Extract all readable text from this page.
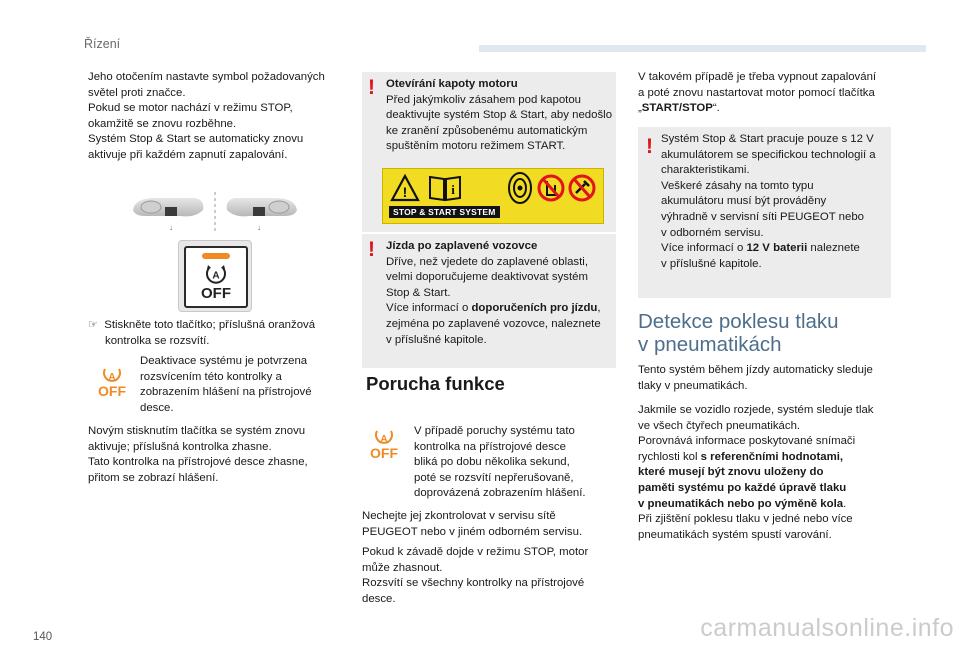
Řízení

Jeho otočením nastavte symbol požadovaných

světel proti značce.

Pokud se motor nachází v režimu STOP,

okamžitě se znovu rozběhne.

Systém Stop & Start se automaticky znovu

aktivuje při každém zapnutí zapalování.

↓	↓
A
OFF

☞ Stiskněte toto tlačítko; příslušná oranžová

kontrolka se rozsvítí.

A
OFF

Deaktivace systému je potvrzena

rozsvícením této kontrolky a

zobrazením hlášení na přístrojové

desce.

Novým stisknutím tlačítka se systém znovu

aktivuje; příslušná kontrolka zhasne.

Tato kontrolka na přístrojové desce zhasne,

přitom se zobrazí hlášení.

! Otevírání kapoty motoru

Před jakýmkoliv zásahem pod kapotou

deaktivujte systém Stop & Start, aby nedošlo

ke zranění způsobenému automatickým

spuštěním motoru režimem START.

!	i
STOP & START SYSTEM
! Jízda po zaplavené vozovce

Dříve, než vjedete do zaplavené oblasti,

velmi doporučujeme deaktivovat systém

Stop & Start.

Více informací o doporučeních pro jízdu,

zejména po zaplavené vozovce, naleznete

v příslušné kapitole.

Porucha funkce
A
OFF

V případě poruchy systému tato

kontrolka na přístrojové desce

bliká po dobu několika sekund,

poté se rozsvítí nepřerušovaně,

doprovázená zobrazením hlášení.

Nechejte jej zkontrolovat v servisu sítě

PEUGEOT nebo v jiném odborném servisu.

Pokud k závadě dojde v režimu STOP, motor

může zhasnout.

Rozsvítí se všechny kontrolky na přístrojové

desce.

V takovém případě je třeba vypnout zapalování

a poté znovu nastartovat motor pomocí tlačítka

„START/STOP“.

! Systém Stop & Start pracuje pouze s 12 V

akumulátorem se specifickou technologií a

charakteristikami.

Veškeré zásahy na tomto typu

akumulátoru musí být prováděny

výhradně v servisní síti PEUGEOT nebo

v odborném servisu.

Více informací o 12 V baterii naleznete

v příslušné kapitole.

Detekce poklesu tlaku
v pneumatikách

Tento systém během jízdy automaticky sleduje

tlaky v pneumatikách.

Jakmile se vozidlo rozjede, systém sleduje tlak

ve všech čtyřech pneumatikách.

Porovnává informace poskytované snímači

rychlosti kol s referenčními hodnotami,

které musejí být znovu uloženy do

paměti systému po každé úpravě tlaku

v pneumatikách nebo po výměně kola.

Při zjištění poklesu tlaku v jedné nebo více

pneumatikách systém spustí varování.

140	carmanualsonline.info
